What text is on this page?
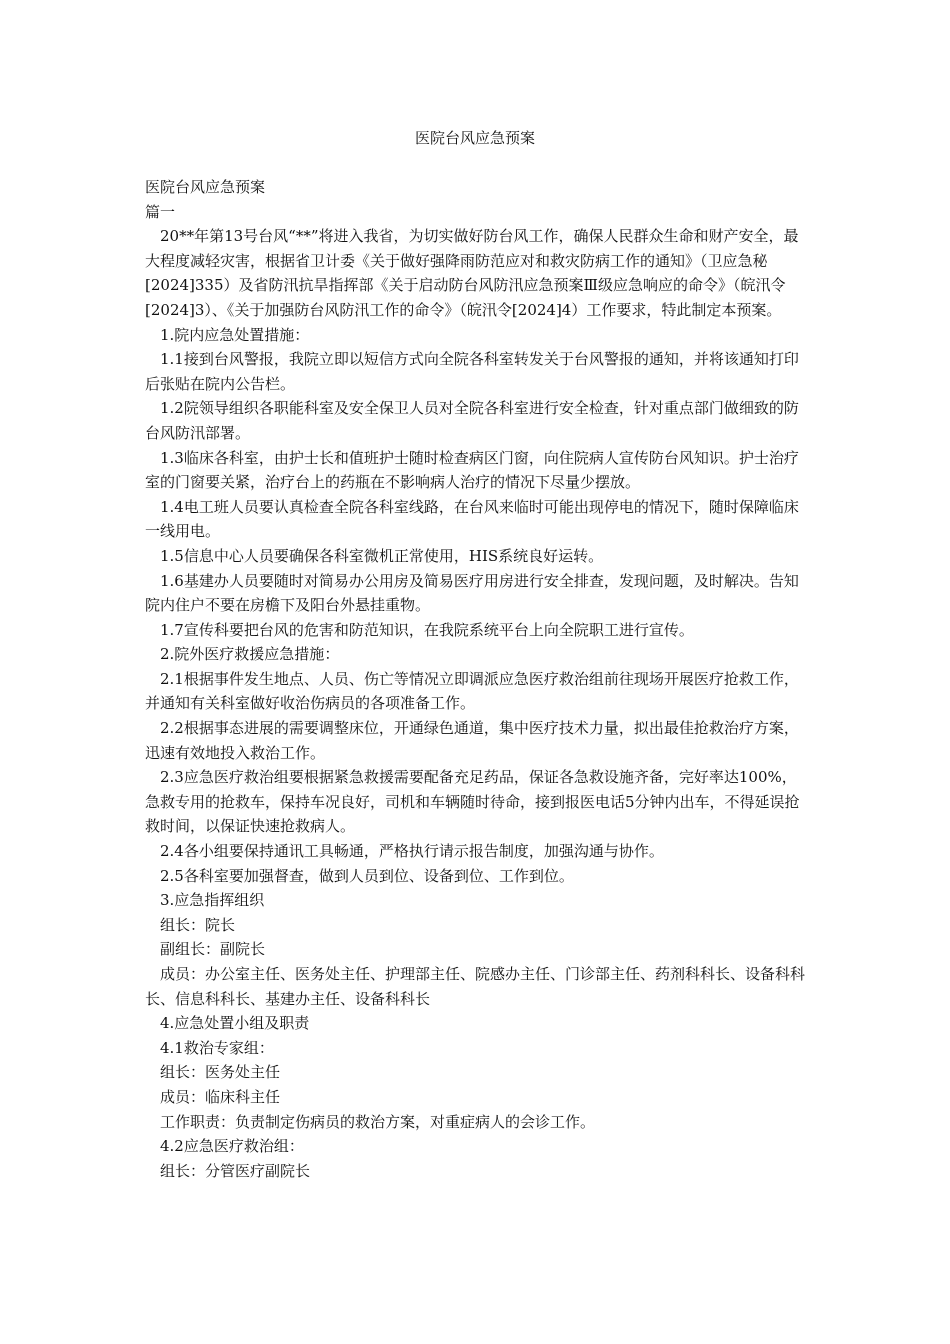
医院台风应急预案

医院台风应急预案

篇一

20**年第13号台风“**”将进入我省，为切实做好防台风工作，确保人民群众生命和财产安全，最大程度减轻灾害，根据省卫计委《关于做好强降雨防范应对和救灾防病工作的通知》（卫应急秘[2024]335）及省防汛抗旱指挥部《关于启动防台风防汛应急预案Ⅲ级应急响应的命令》（皖汛令[2024]3）、《关于加强防台风防汛工作的命令》（皖汛令[2024]4）工作要求，特此制定本预案。

1.院内应急处置措施：

1.1接到台风警报，我院立即以短信方式向全院各科室转发关于台风警报的通知，并将该通知打印后张贴在院内公告栏。

1.2院领导组织各职能科室及安全保卫人员对全院各科室进行安全检查，针对重点部门做细致的防台风防汛部署。

1.3临床各科室，由护士长和值班护士随时检查病区门窗，向住院病人宣传防台风知识。护士治疗室的门窗要关紧，治疗台上的药瓶在不影响病人治疗的情况下尽量少摆放。

1.4电工班人员要认真检查全院各科室线路，在台风来临时可能出现停电的情况下，随时保障临床一线用电。

1.5信息中心人员要确保各科室微机正常使用，HIS系统良好运转。

1.6基建办人员要随时对简易办公用房及简易医疗用房进行安全排查，发现问题，及时解决。告知院内住户不要在房檐下及阳台外悬挂重物。

1.7宣传科要把台风的危害和防范知识，在我院系统平台上向全院职工进行宣传。

2.院外医疗救援应急措施：

2.1根据事件发生地点、人员、伤亡等情况立即调派应急医疗救治组前往现场开展医疗抢救工作，并通知有关科室做好收治伤病员的各项准备工作。

2.2根据事态进展的需要调整床位，开通绿色通道，集中医疗技术力量，拟出最佳抢救治疗方案，迅速有效地投入救治工作。

2.3应急医疗救治组要根据紧急救援需要配备充足药品，保证各急救设施齐备，完好率达100%，急救专用的抢救车，保持车况良好，司机和车辆随时待命，接到报医电话5分钟内出车，不得延误抢救时间，以保证快速抢救病人。

2.4各小组要保持通讯工具畅通，严格执行请示报告制度，加强沟通与协作。

2.5各科室要加强督查，做到人员到位、设备到位、工作到位。

3.应急指挥组织

组长：院长

副组长：副院长

成员：办公室主任、医务处主任、护理部主任、院感办主任、门诊部主任、药剂科科长、设备科科长、信息科科长、基建办主任、设备科科长

4.应急处置小组及职责

4.1救治专家组：

组长：医务处主任

成员：临床科主任

工作职责：负责制定伤病员的救治方案，对重症病人的会诊工作。

4.2应急医疗救治组：

组长：分管医疗副院长
